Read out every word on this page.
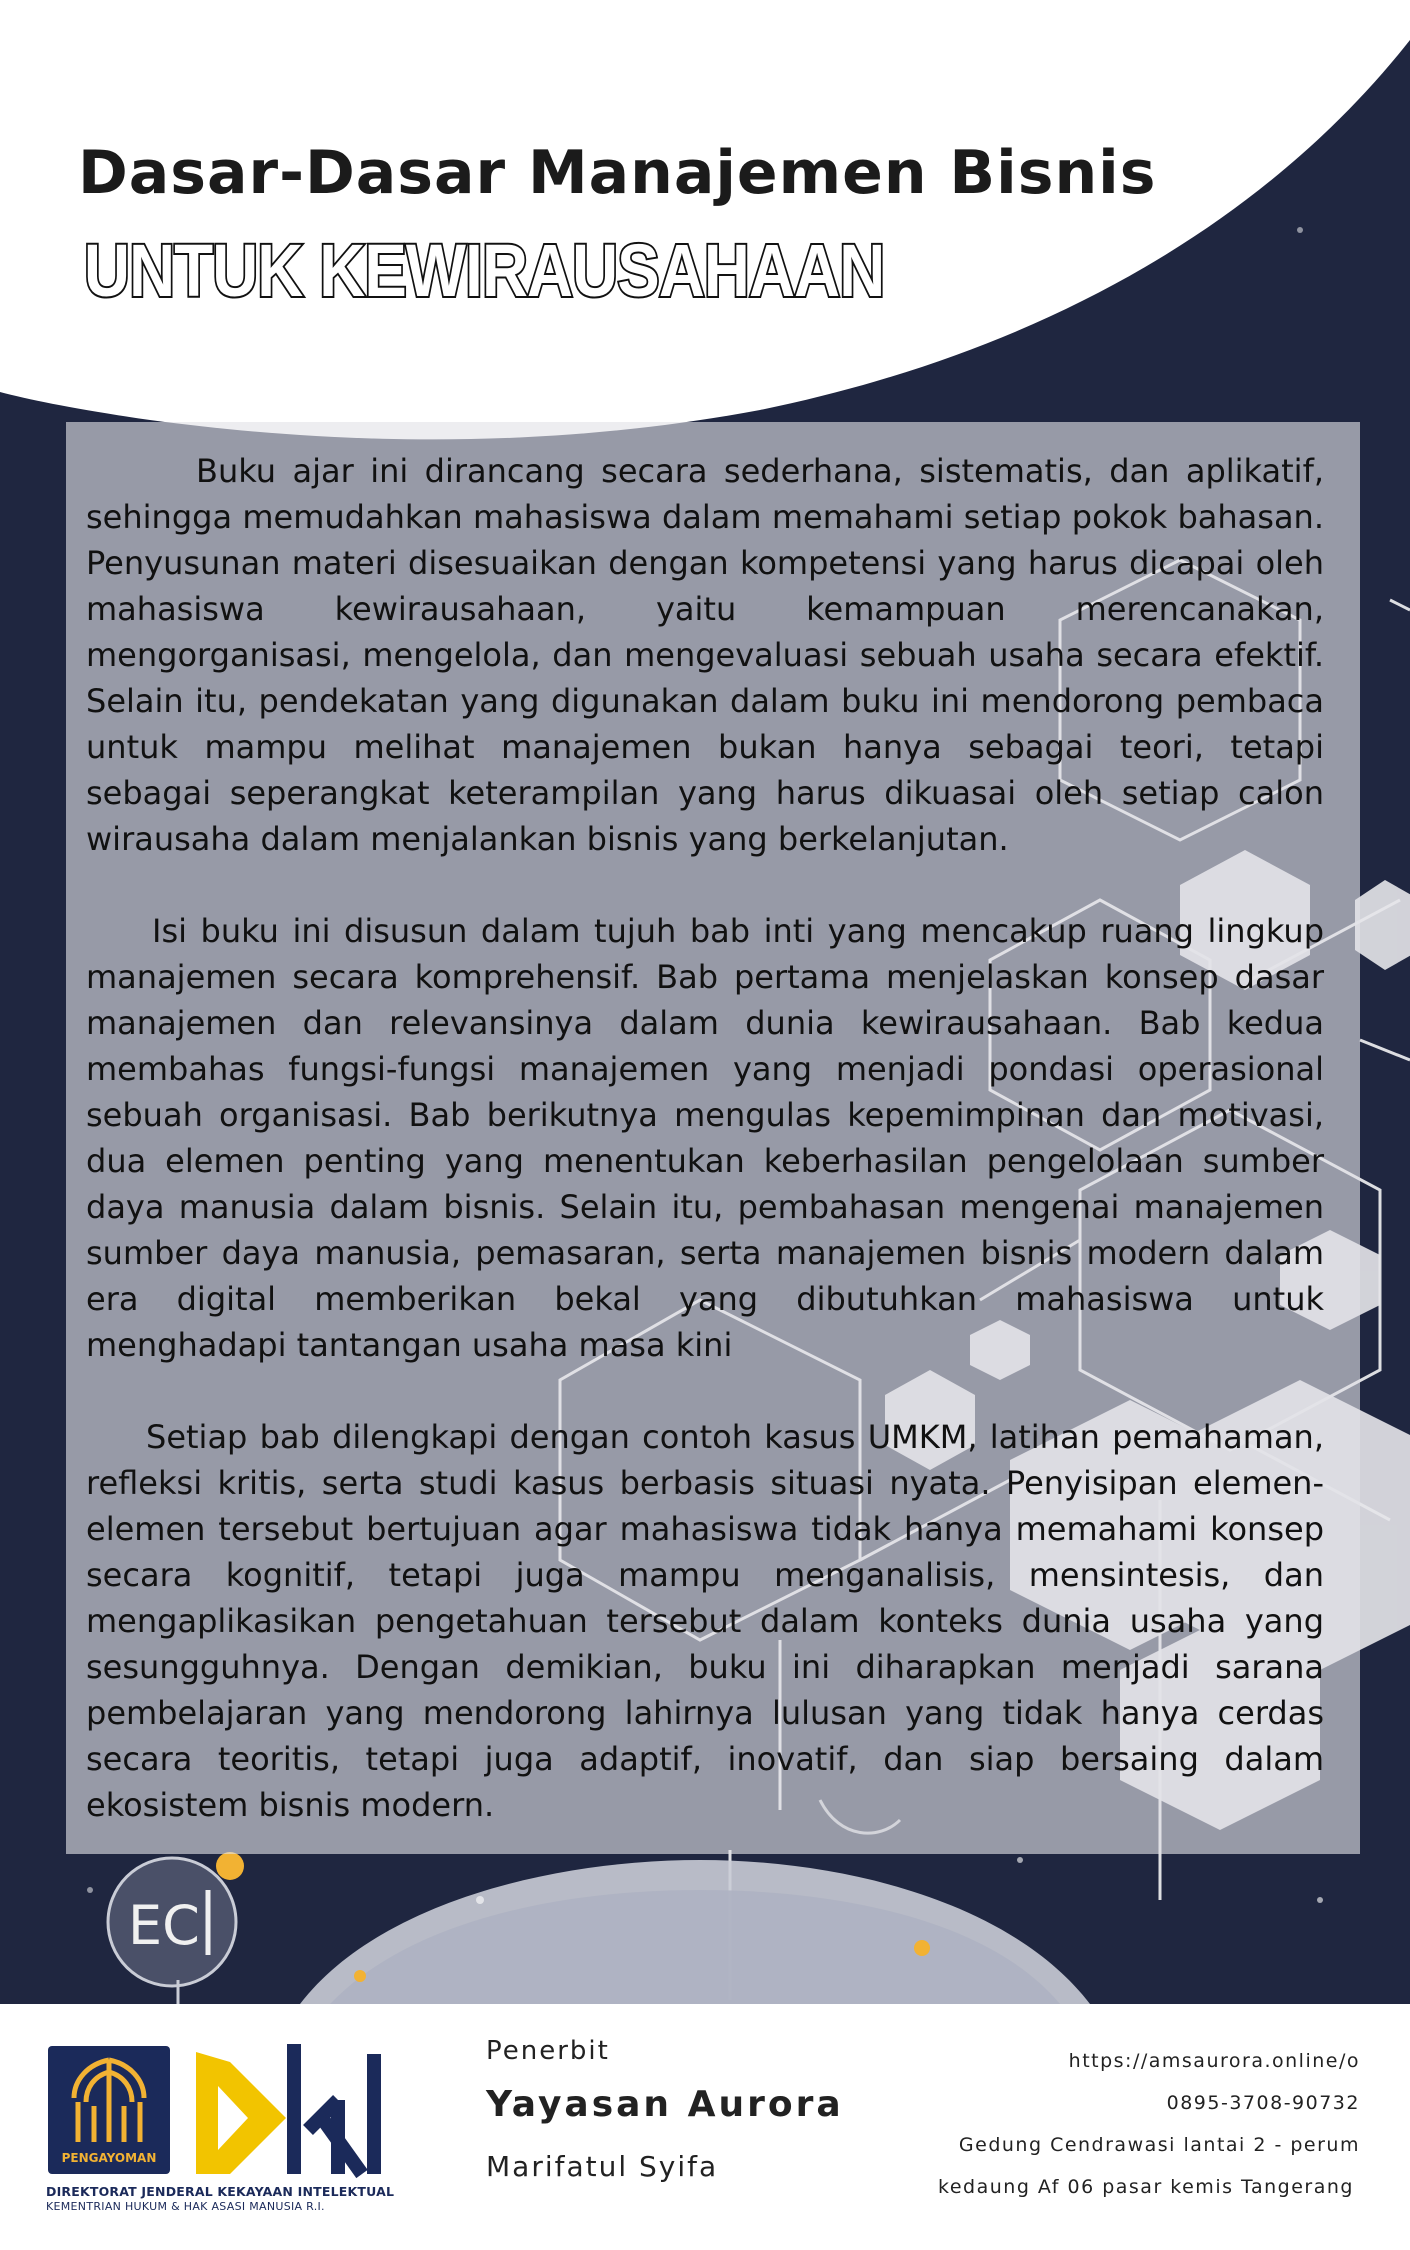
EC
Dasar-Dasar Manajemen Bisnis
UNTUK KEWIRAUSAHAAN

Buku ajar ini dirancang secara sederhana, sistematis, dan aplikatif, sehingga memudahkan mahasiswa dalam memahami setiap pokok bahasan. Penyusunan materi disesuaikan dengan kompetensi yang harus dicapai oleh mahasiswa kewirausahaan, yaitu kemampuan merencanakan, mengorganisasi, mengelola, dan mengevaluasi sebuah usaha secara efektif. Selain itu, pendekatan yang digunakan dalam buku ini mendorong pembaca untuk mampu melihat manajemen bukan hanya sebagai teori, tetapi sebagai seperangkat keterampilan yang harus dikuasai oleh setiap calon wirausaha dalam menjalankan bisnis yang berkelanjutan.

Isi buku ini disusun dalam tujuh bab inti yang mencakup ruang lingkup manajemen secara komprehensif. Bab pertama menjelaskan konsep dasar manajemen dan relevansinya dalam dunia kewirausahaan. Bab kedua membahas fungsi-fungsi manajemen yang menjadi pondasi operasional sebuah organisasi. Bab berikutnya mengulas kepemimpinan dan motivasi, dua elemen penting yang menentukan keberhasilan pengelolaan sumber daya manusia dalam bisnis. Selain itu, pembahasan mengenai manajemen sumber daya manusia, pemasaran, serta manajemen bisnis modern dalam era digital memberikan bekal yang dibutuhkan mahasiswa untuk menghadapi tantangan usaha masa kini

Setiap bab dilengkapi dengan contoh kasus UMKM, latihan pemahaman, refleksi kritis, serta studi kasus berbasis situasi nyata. Penyisipan elemen-elemen tersebut bertujuan agar mahasiswa tidak hanya memahami konsep secara kognitif, tetapi juga mampu menganalisis, mensintesis, dan mengaplikasikan pengetahuan tersebut dalam konteks dunia usaha yang sesungguhnya. Dengan demikian, buku ini diharapkan menjadi sarana pembelajaran yang mendorong lahirnya lulusan yang tidak hanya cerdas secara teoritis, tetapi juga adaptif, inovatif, dan siap bersaing dalam ekosistem bisnis modern.

PENGAYOMAN
DIREKTORAT JENDERAL KEKAYAAN INTELEKTUAL
KEMENTRIAN HUKUM & HAK ASASI MANUSIA R.I.
Penerbit
Yayasan Aurora
Marifatul Syifa
https://amsaurora.online/o
0895-3708-90732
Gedung Cendrawasi lantai 2 - perum
kedaung Af 06 pasar kemis Tangerang
